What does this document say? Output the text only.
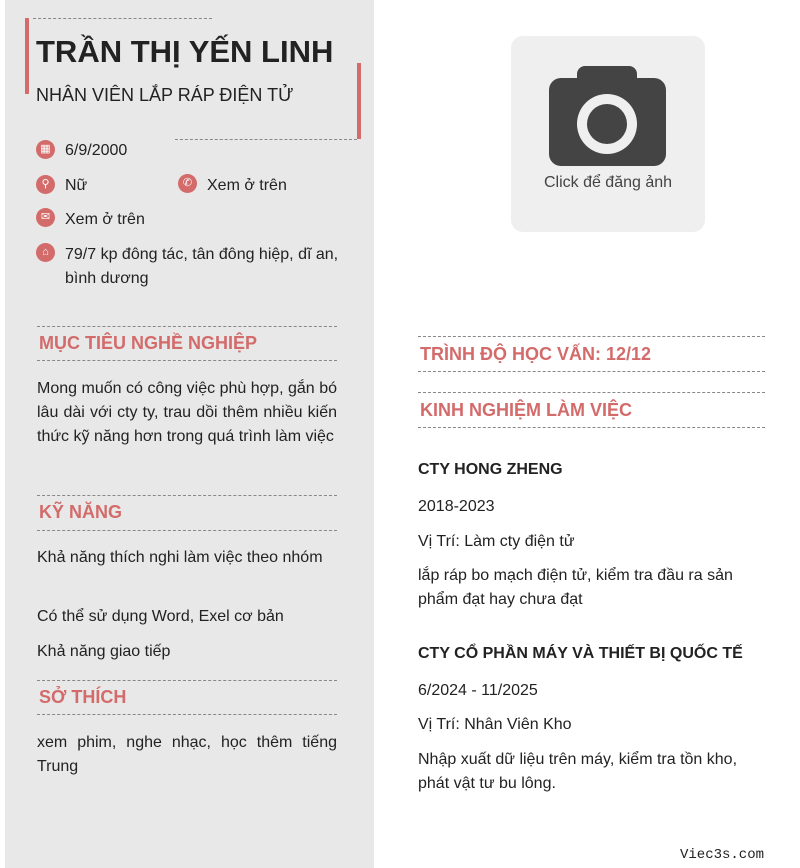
TRẦN THỊ YẾN LINH
NHÂN VIÊN LẮP RÁP ĐIỆN TỬ
▦ 6/9/2000
⚲ Nữ	✆ Xem ở trên
✉ Xem ở trên
⌂	79/7 kp đông tác, tân đông hiệp, dĩ an, bình dương
MỤC TIÊU NGHỀ NGHIỆP
Mong muốn có công việc phù hợp, gắn bó lâu dài với cty ty, trau dồi thêm nhiều kiến thức kỹ năng hơn trong quá trình làm việc
KỸ NĂNG
Khả năng thích nghi làm việc theo nhóm
Có thể sử dụng Word, Exel cơ bản
Khả năng giao tiếp
SỞ THÍCH
xem phim, nghe nhạc, học thêm tiếng Trung
Click để đăng ảnh
TRÌNH ĐỘ HỌC VẤN: 12/12
KINH NGHIỆM LÀM VIỆC
CTY HONG ZHENG
2018-2023
Vị Trí: Làm cty điện tử
lắp ráp bo mạch điện tử, kiểm tra đầu ra sản phẩm đạt hay chưa đạt
CTY CỔ PHẦN MÁY VÀ THIẾT BỊ QUỐC TẾ
6/2024 - 11/2025
Vị Trí: Nhân Viên Kho
Nhập xuất dữ liệu trên máy, kiểm tra tồn kho, phát vật tư bu lông.
Viec3s.com
